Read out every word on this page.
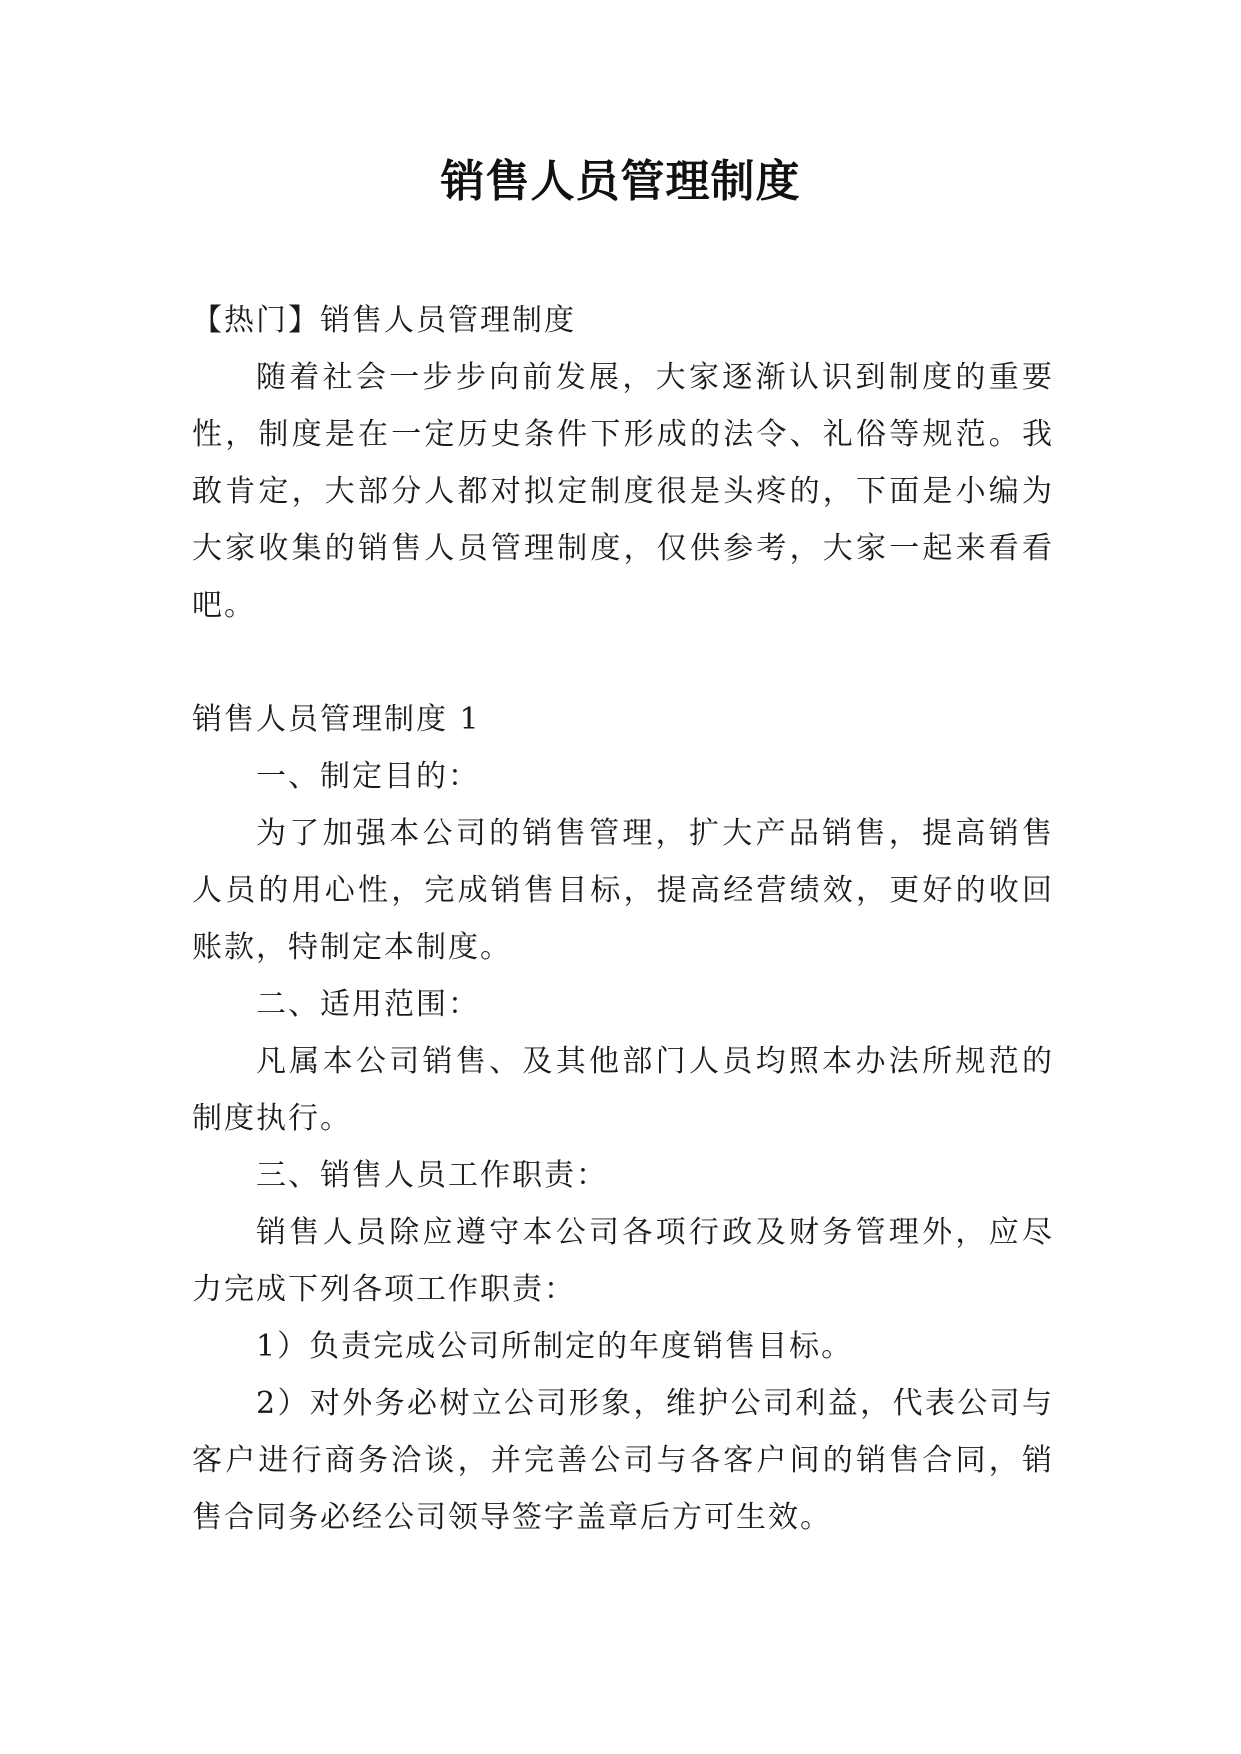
销售人员管理制度

【热门】销售人员管理制度

随着社会一步步向前发展，大家逐渐认识到制度的重要性，制度是在一定历史条件下形成的法令、礼俗等规范。我敢肯定，大部分人都对拟定制度很是头疼的，下面是小编为大家收集的销售人员管理制度，仅供参考，大家一起来看看吧。

销售人员管理制度 1

一、制定目的：

为了加强本公司的销售管理，扩大产品销售，提高销售人员的用心性，完成销售目标，提高经营绩效，更好的收回账款，特制定本制度。

二、适用范围：

凡属本公司销售、及其他部门人员均照本办法所规范的制度执行。

三、销售人员工作职责：

销售人员除应遵守本公司各项行政及财务管理外，应尽力完成下列各项工作职责：

1）负责完成公司所制定的年度销售目标。

2）对外务必树立公司形象，维护公司利益，代表公司与客户进行商务洽谈，并完善公司与各客户间的销售合同，销售合同务必经公司领导签字盖章后方可生效。
